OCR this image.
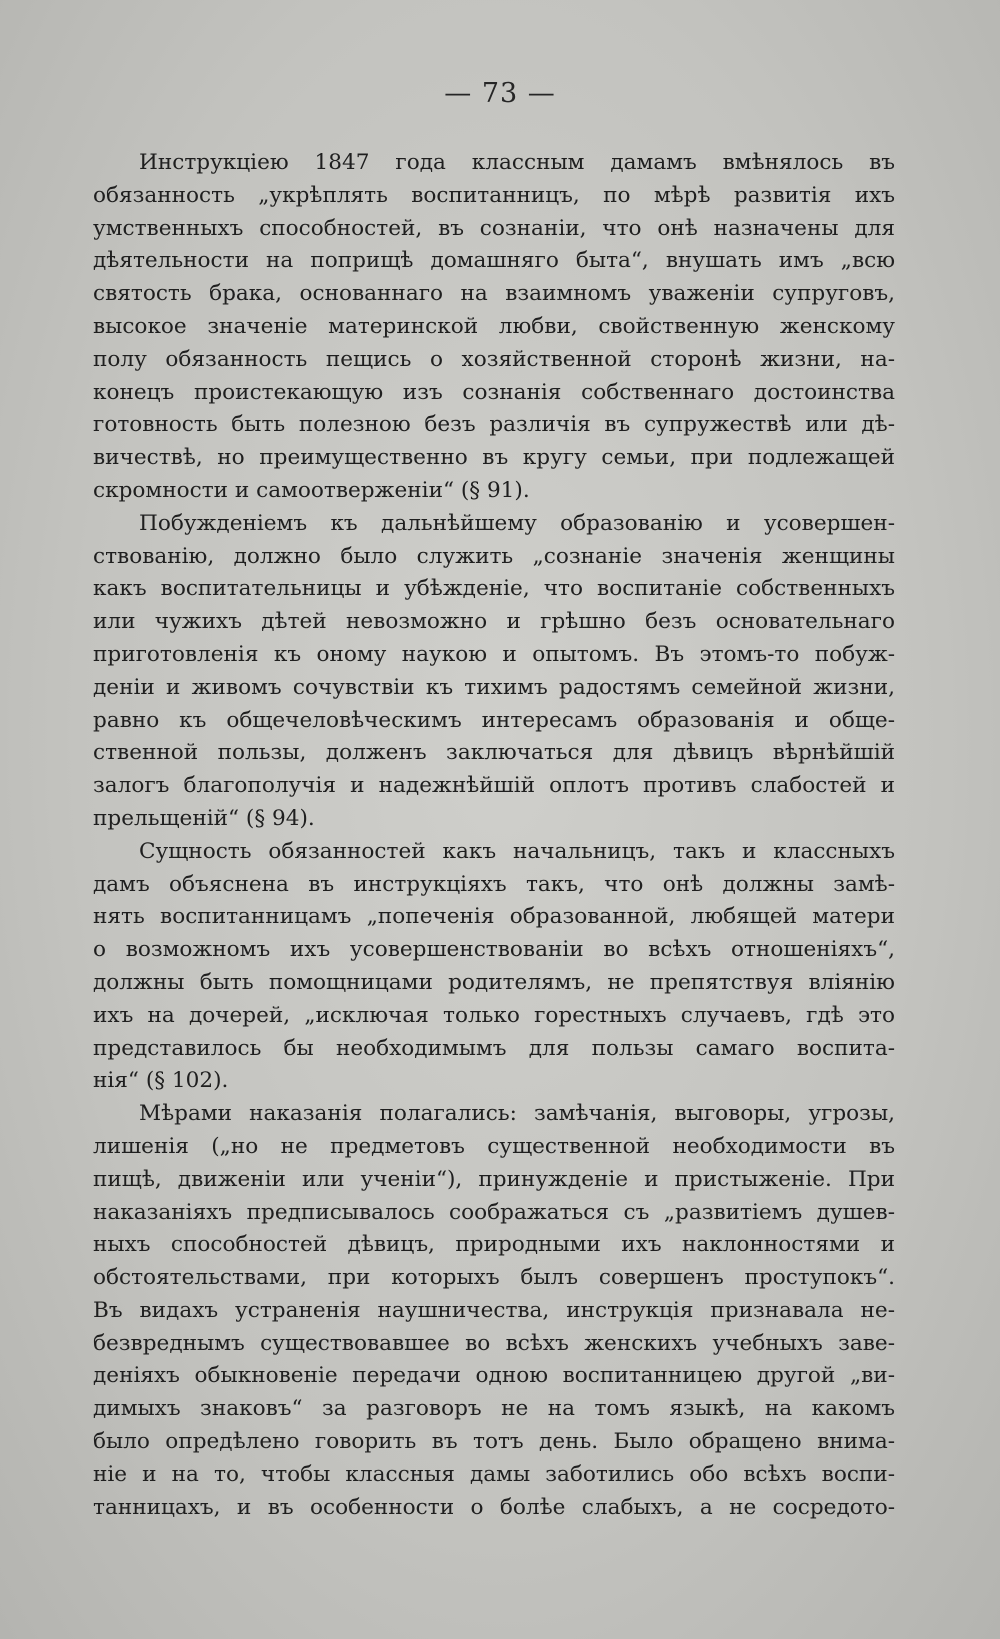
— 73 —
Инструкціею 1847 года классным дамамъ вмѣнялось въ
обязанность „укрѣплять воспитанницъ, по мѣрѣ развитія ихъ
умственныхъ способностей, въ сознаніи, что онѣ назначены для
дѣятельности на поприщѣ домашняго быта“, внушать имъ „всю
святость брака, основаннаго на взаимномъ уваженіи супруговъ,
высокое значеніе материнской любви, свойственную женскому
полу обязанность пещись о хозяйственной сторонѣ жизни, на-
конецъ проистекающую изъ сознанія собственнаго достоинства
готовность быть полезною безъ различія въ супружествѣ или дѣ-
вичествѣ, но преимущественно въ кругу семьи, при подлежащей
скромности и самоотверженіи“ (§ 91).
Побужденіемъ къ дальнѣйшему образованію и усовершен-
ствованію, должно было служить „сознаніе значенія женщины
какъ воспитательницы и убѣжденіе, что воспитаніе собственныхъ
или чужихъ дѣтей невозможно и грѣшно безъ основательнаго
приготовленія къ оному наукою и опытомъ. Въ этомъ-то побуж-
деніи и живомъ сочувствіи къ тихимъ радостямъ семейной жизни,
равно къ общечеловѣческимъ интересамъ образованія и обще-
ственной пользы, долженъ заключаться для дѣвицъ вѣрнѣйшій
залогъ благополучія и надежнѣйшій оплотъ противъ слабостей и
прельщеній“ (§ 94).
Сущность обязанностей какъ начальницъ, такъ и классныхъ
дамъ объяснена въ инструкціяхъ такъ, что онѣ должны замѣ-
нять воспитанницамъ „попеченія образованной, любящей матери
о возможномъ ихъ усовершенствованіи во всѣхъ отношеніяхъ“,
должны быть помощницами родителямъ, не препятствуя вліянію
ихъ на дочерей, „исключая только горестныхъ случаевъ, гдѣ это
представилось бы необходимымъ для пользы самаго воспита-
нія“ (§ 102).
Мѣрами наказанія полагались: замѣчанія, выговоры, угрозы,
лишенія („но не предметовъ существенной необходимости въ
пищѣ, движеніи или ученіи“), принужденіе и пристыженіе. При
наказаніяхъ предписывалось соображаться съ „развитіемъ душев-
ныхъ способностей дѣвицъ, природными ихъ наклонностями и
обстоятельствами, при которыхъ былъ совершенъ проступокъ“.
Въ видахъ устраненія наушничества, инструкція признавала не-
безвреднымъ существовавшее во всѣхъ женскихъ учебныхъ заве-
деніяхъ обыкновеніе передачи одною воспитанницею другой „ви-
димыхъ знаковъ“ за разговоръ не на томъ языкѣ, на какомъ
было опредѣлено говорить въ тотъ день. Было обращено внима-
ніе и на то, чтобы классныя дамы заботились обо всѣхъ воспи-
танницахъ, и въ особенности о болѣе слабыхъ, а не сосредото-
